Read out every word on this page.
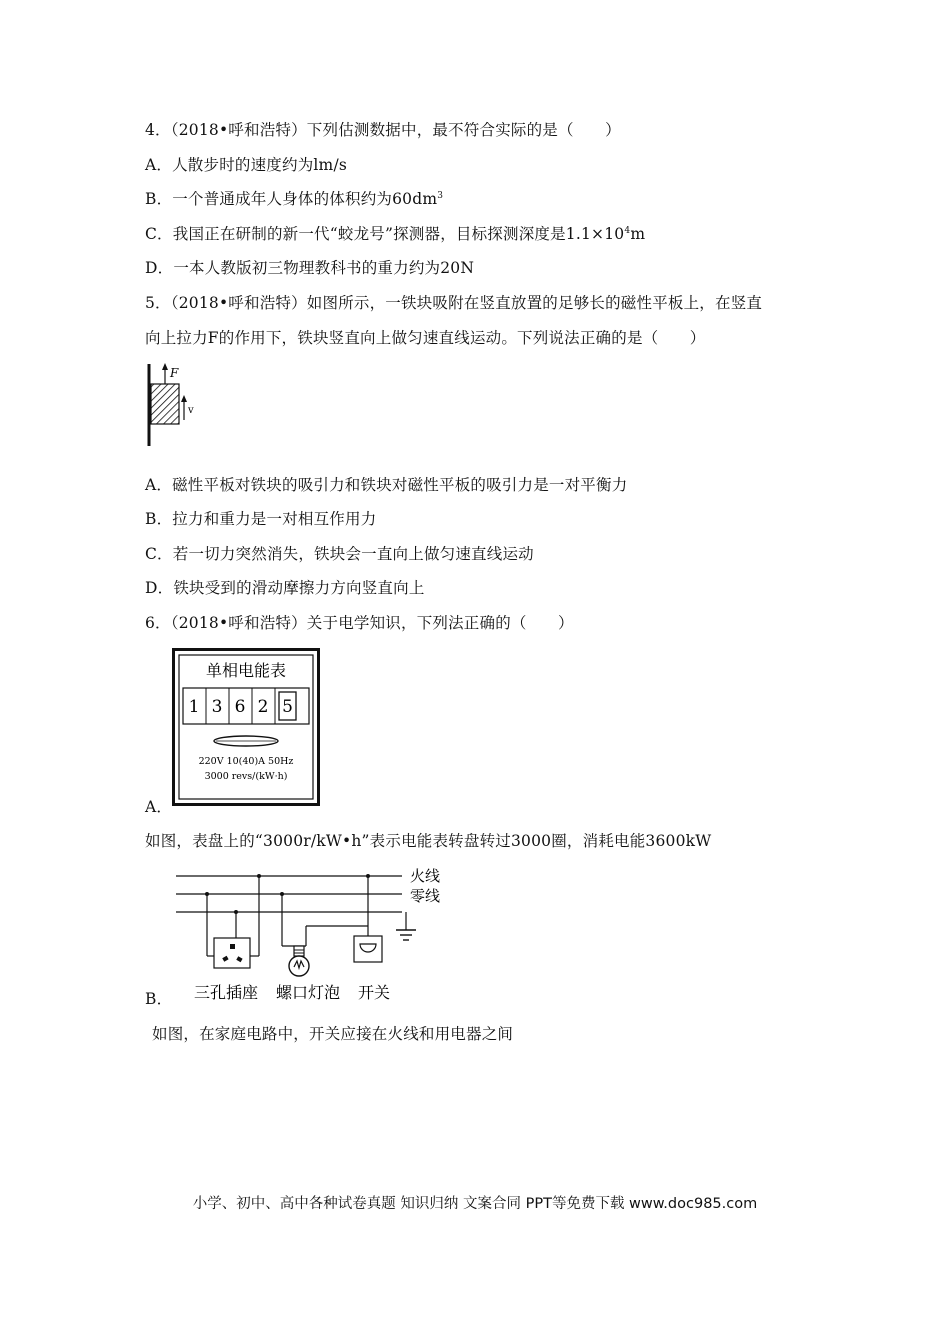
4．（2018•呼和浩特）下列估测数据中，最不符合实际的是（　　）
A．人散步时的速度约为lm/s
B．一个普通成年人身体的体积约为$60dm^3$
C．我国正在研制的新一代“蛟龙号”探测器，目标探测深度是$1.1\times 10^4m$
D．一本人教版初三物理教科书的重力约为20N
5．（2018•呼和浩特）如图所示，一铁块吸附在竖直放置的足够长的磁性平板上，在竖直
向上拉力F的作用下，铁块竖直向上做匀速直线运动。下列说法正确的是（　　）
F
v
A．磁性平板对铁块的吸引力和铁块对磁性平板的吸引力是一对平衡力
B．拉力和重力是一对相互作用力
C．若一切力突然消失，铁块会一直向上做匀速直线运动
D．铁块受到的滑动摩擦力方向竖直向上
6．（2018•呼和浩特）关于电学知识，下列法正确的（　　）
单相电能表
1 3 6 2 5
220V 10(40)A 50Hz
3000 revs/(kW·h)
A．
如图，表盘上的“3000r/kW•h”表示电能表转盘转过3000圈，消耗电能3600kW
火线
零线
三孔插座 螺口灯泡 开关
B．
如图，在家庭电路中，开关应接在火线和用电器之间
小学、初中、高中各种试卷真题 知识归纳 文案合同 PPT等免费下载 www.doc985.com
